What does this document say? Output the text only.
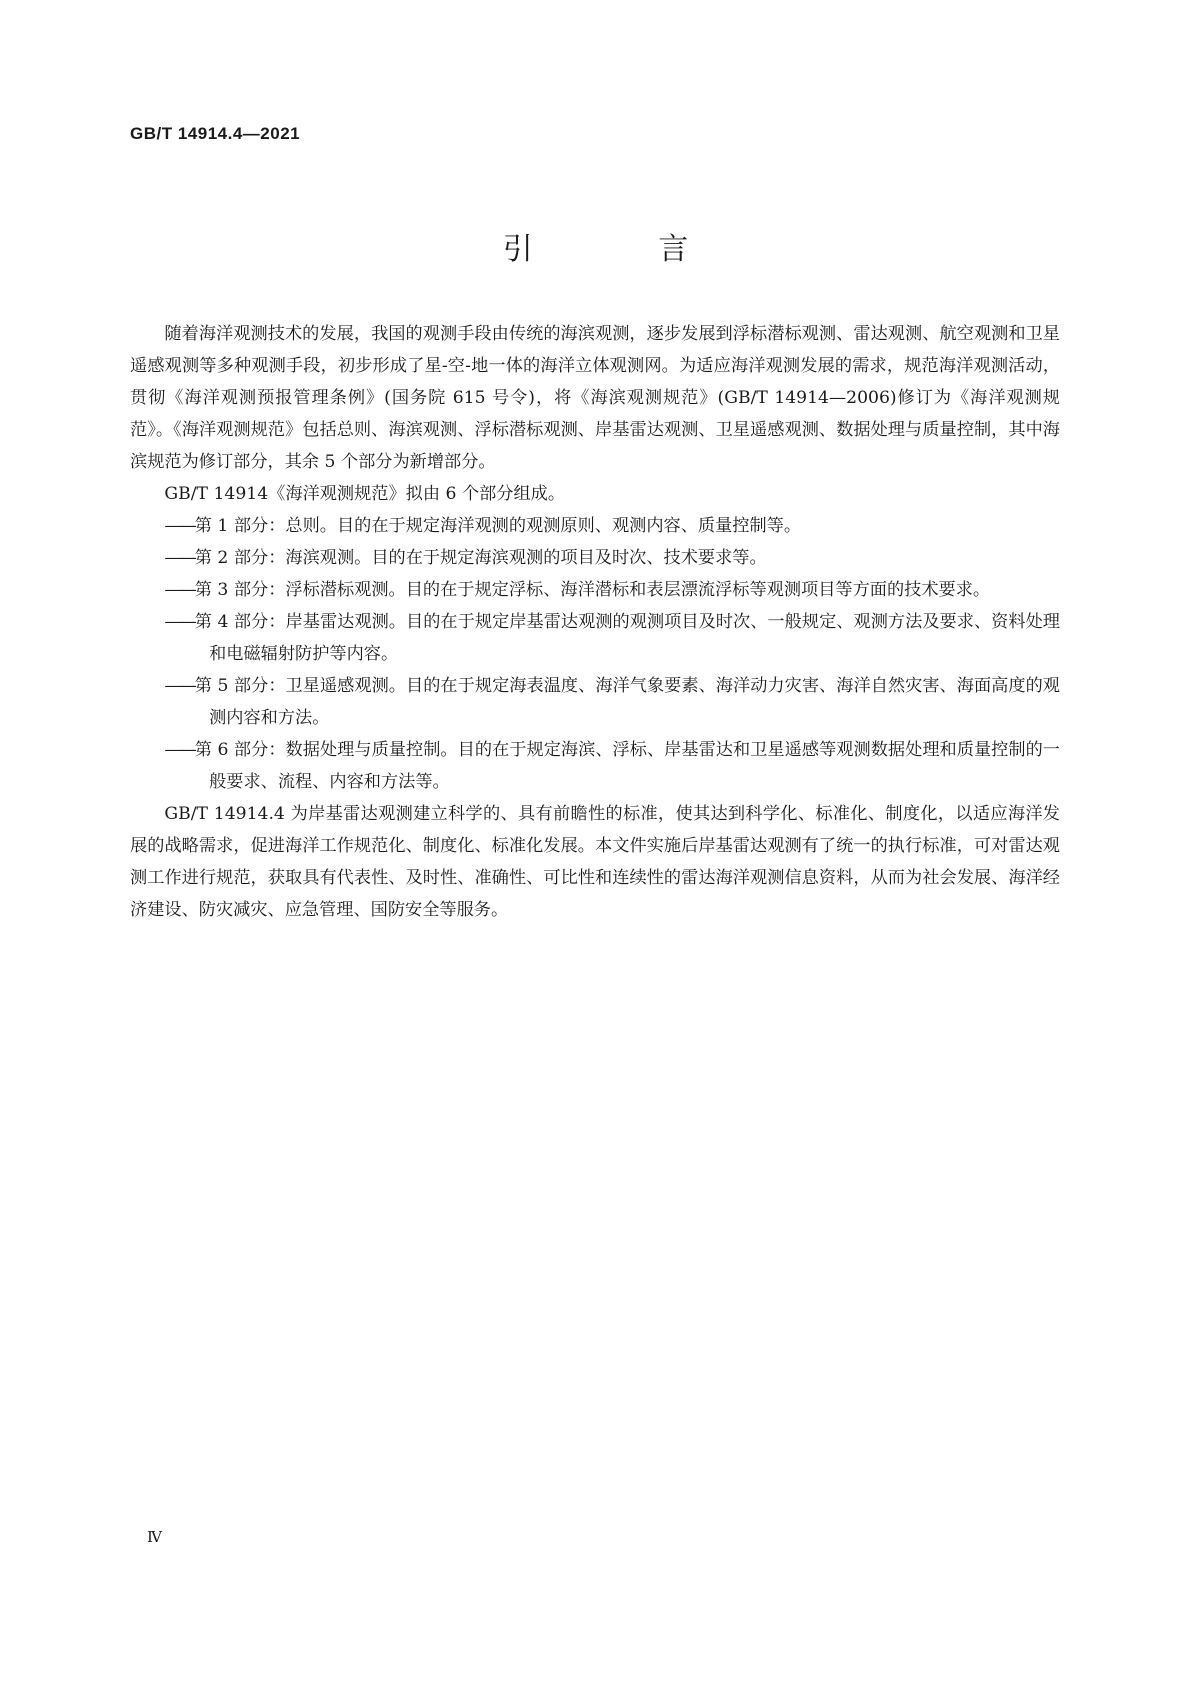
GB/T 14914.4—2021
引 言

随着海洋观测技术的发展，我国的观测手段由传统的海滨观测，逐步发展到浮标潜标观测、雷达观测、航空观测和卫星遥感观测等多种观测手段，初步形成了星-空-地一体的海洋立体观测网。为适应海洋观测发展的需求，规范海洋观测活动，贯彻《海洋观测预报管理条例》(国务院 615 号令)，将《海滨观测规范》(GB/T 14914—2006)修订为《海洋观测规范》。《海洋观测规范》包括总则、海滨观测、浮标潜标观测、岸基雷达观测、卫星遥感观测、数据处理与质量控制，其中海滨规范为修订部分，其余 5 个部分为新增部分。

GB/T 14914《海洋观测规范》拟由 6 个部分组成。

——第 1 部分：总则。目的在于规定海洋观测的观测原则、观测内容、质量控制等。
——第 2 部分：海滨观测。目的在于规定海滨观测的项目及时次、技术要求等。
——第 3 部分：浮标潜标观测。目的在于规定浮标、海洋潜标和表层漂流浮标等观测项目等方面的技术要求。
——第 4 部分：岸基雷达观测。目的在于规定岸基雷达观测的观测项目及时次、一般规定、观测方法及要求、资料处理和电磁辐射防护等内容。
——第 5 部分：卫星遥感观测。目的在于规定海表温度、海洋气象要素、海洋动力灾害、海洋自然灾害、海面高度的观测内容和方法。
——第 6 部分：数据处理与质量控制。目的在于规定海滨、浮标、岸基雷达和卫星遥感等观测数据处理和质量控制的一般要求、流程、内容和方法等。

GB/T 14914.4 为岸基雷达观测建立科学的、具有前瞻性的标准，使其达到科学化、标准化、制度化，以适应海洋发展的战略需求，促进海洋工作规范化、制度化、标准化发展。本文件实施后岸基雷达观测有了统一的执行标准，可对雷达观测工作进行规范，获取具有代表性、及时性、准确性、可比性和连续性的雷达海洋观测信息资料，从而为社会发展、海洋经济建设、防灾减灾、应急管理、国防安全等服务。

Ⅳ
